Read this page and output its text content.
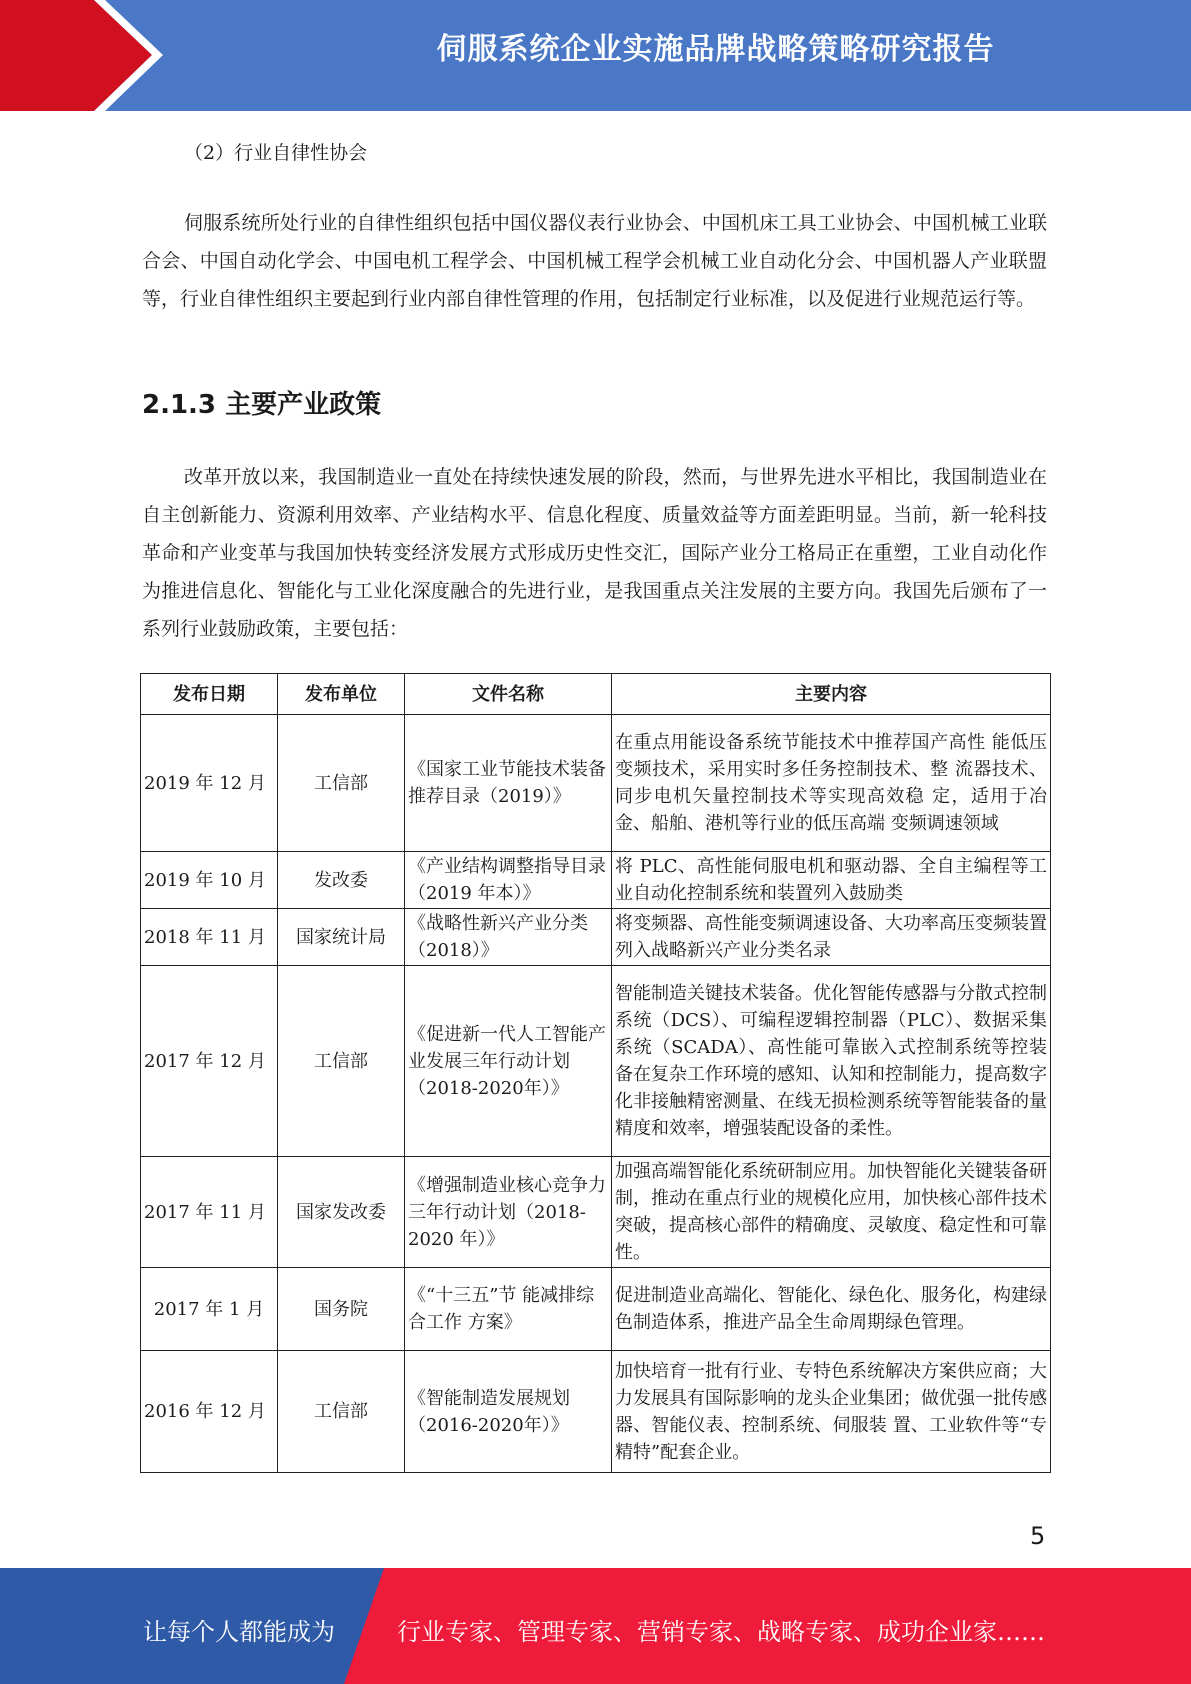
伺服系统企业实施品牌战略策略研究报告
（2）行业自律性协会

伺服系统所处行业的自律性组织包括中国仪器仪表行业协会、中国机床工具工业协会、中国机械工业联合会、中国自动化学会、中国电机工程学会、中国机械工程学会机械工业自动化分会、中国机器人产业联盟等，行业自律性组织主要起到行业内部自律性管理的作用，包括制定行业标准，以及促进行业规范运行等。

2.1.3 主要产业政策

改革开放以来，我国制造业一直处在持续快速发展的阶段，然而，与世界先进水平相比，我国制造业在自主创新能力、资源利用效率、产业结构水平、信息化程度、质量效益等方面差距明显。当前，新一轮科技革命和产业变革与我国加快转变经济发展方式形成历史性交汇，国际产业分工格局正在重塑，工业自动化作为推进信息化、智能化与工业化深度融合的先进行业，是我国重点关注发展的主要方向。我国先后颁布了一系列行业鼓励政策，主要包括：

发布日期	发布单位	文件名称	主要内容
2019 年 12 月	工信部	《国家工业节能技术装备推荐目录（2019）》	在重点用能设备系统节能技术中推荐国产高性 能低压变频技术，采用实时多任务控制技术、整 流器技术、同步电机矢量控制技术等实现高效稳 定，适用于冶金、船舶、港机等行业的低压高端 变频调速领域
2019 年 10 月	发改委	《产业结构调整指导目录（2019 年本）》	将 PLC、高性能伺服电机和驱动器、全自主编程等工业自动化控制系统和装置列入鼓励类
2018 年 11 月	国家统计局	《战略性新兴产业分类（2018）》	将变频器、高性能变频调速设备、大功率高压变频装置列入战略新兴产业分类名录
2017 年 12 月	工信部	《促进新一代人工智能产业发展三年行动计划（2018-2020年）》	智能制造关键技术装备。优化智能传感器与分散式控制系统（DCS）、可编程逻辑控制器（PLC）、数据采集系统（SCADA）、高性能可靠嵌入式控制系统等控装备在复杂工作环境的感知、认知和控制能力，提高数字化非接触精密测量、在线无损检测系统等智能装备的量精度和效率，增强装配设备的柔性。
2017 年 11 月	国家发改委	《增强制造业核心竞争力三年行动计划（2018-2020 年）》	加强高端智能化系统研制应用。加快智能化关键装备研制，推动在重点行业的规模化应用，加快核心部件技术突破，提高核心部件的精确度、灵敏度、稳定性和可靠性。
2017 年 1 月	国务院	《“十三五”节 能减排综合工作 方案》	促进制造业高端化、智能化、绿色化、服务化，构建绿色制造体系，推进产品全生命周期绿色管理。
2016 年 12 月	工信部	《智能制造发展规划（2016-2020年）》	加快培育一批有行业、专特色系统解决方案供应商；大力发展具有国际影响的龙头企业集团；做优强一批传感器、智能仪表、控制系统、伺服装 置、工业软件等“专精特”配套企业。
5
让每个人都能成为	行业专家、管理专家、营销专家、战略专家、成功企业家……
